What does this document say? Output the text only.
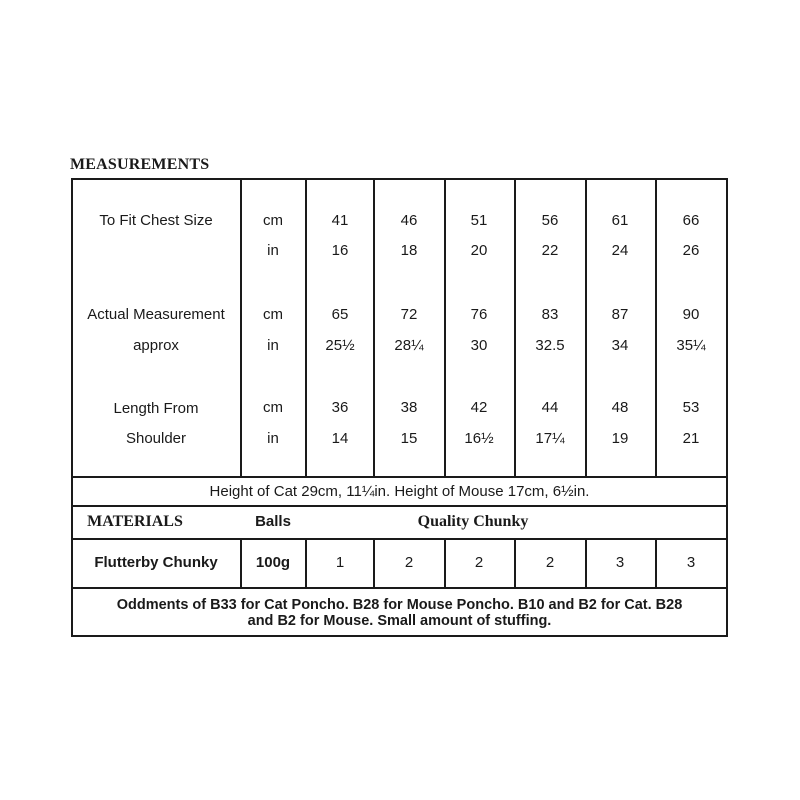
MEASUREMENTS
To Fit Chest Size	cm	41	46	51	56	61	66
in	16	18	20	22	24	26
Actual Measurement
approx
cm	65	72	76	83	87	90
in	25½	28¼	30	32.5	34	35¼
Length From
Shoulder
cm	36	38	42	44	48	53
in	14	15	16½	17¼	19	21
Height of Cat 29cm, 11¼in. Height of Mouse 17cm, 6½in.
MATERIALS	Balls	Quality Chunky
Flutterby Chunky	100g	1	2	2	2	3	3
Oddments of B33 for Cat Poncho. B28 for Mouse Poncho. B10 and B2 for Cat. B28
and B2 for Mouse. Small amount of stuffing.
